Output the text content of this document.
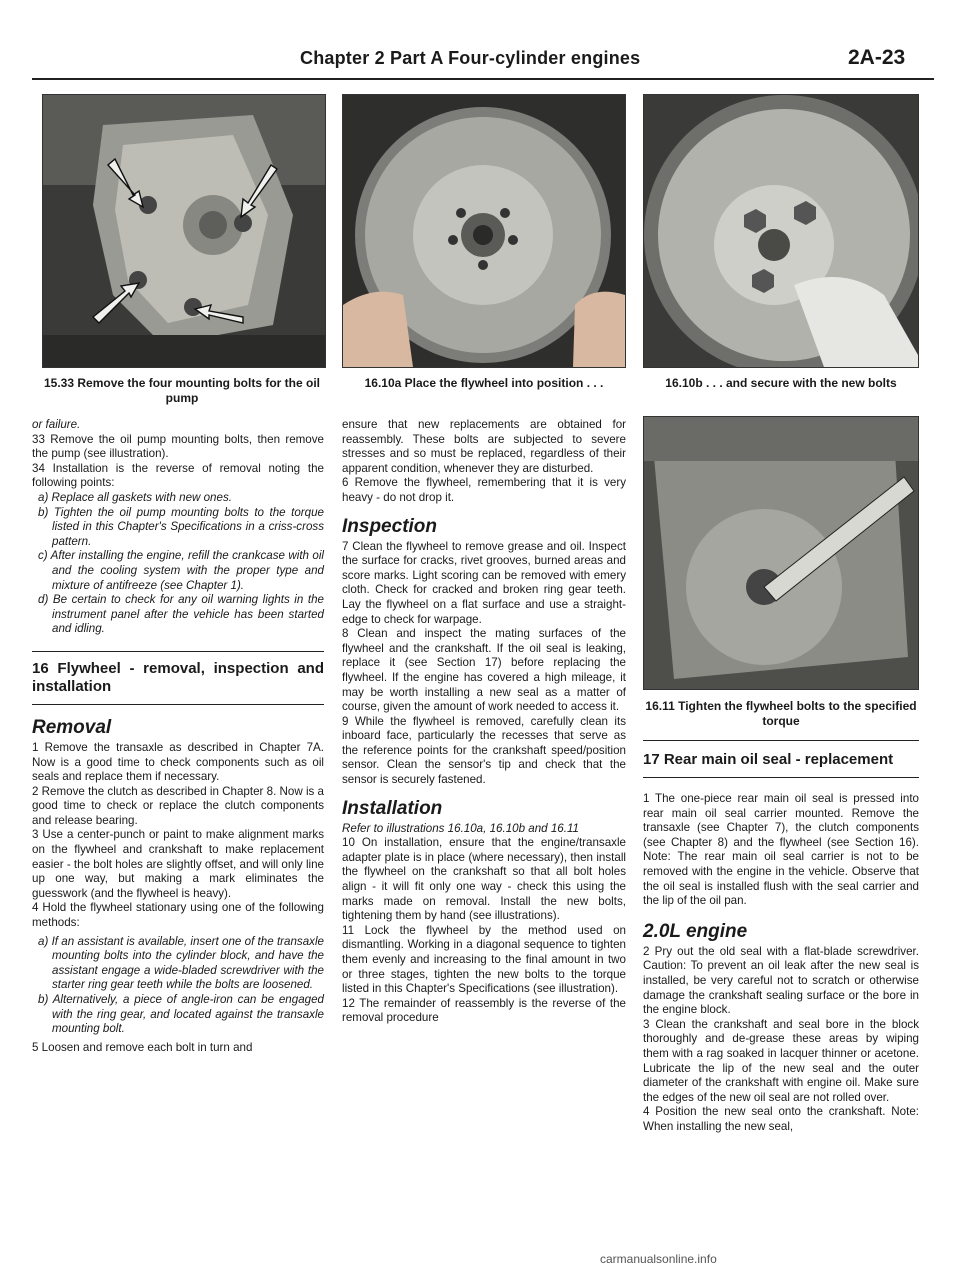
Chapter 2 Part A Four-cylinder engines	2A-23
15.33 Remove the four mounting bolts for the oil pump
16.10a Place the flywheel into position . . .	16.10b . . . and secure with the new bolts
16.11 Tighten the flywheel bolts to the specified torque

or failure.

33 Remove the oil pump mounting bolts, then remove the pump (see illustration).

34 Installation is the reverse of removal noting the following points:

a) Replace all gaskets with new ones.

b) Tighten the oil pump mounting bolts to the torque listed in this Chapter's Specifications in a criss-cross pattern.

c) After installing the engine, refill the crankcase with oil and the cooling system with the proper type and mixture of antifreeze (see Chapter 1).

d) Be certain to check for any oil warning lights in the instrument panel after the vehicle has been started and idling.

16 Flywheel - removal, inspection and installation
Removal

1 Remove the transaxle as described in Chapter 7A. Now is a good time to check components such as oil seals and replace them if necessary.

2 Remove the clutch as described in Chapter 8. Now is a good time to check or replace the clutch components and release bearing.

3 Use a center-punch or paint to make alignment marks on the flywheel and crankshaft to make replacement easier - the bolt holes are slightly offset, and will only line up one way, but making a mark eliminates the guesswork (and the flywheel is heavy).

4 Hold the flywheel stationary using one of the following methods:

a) If an assistant is available, insert one of the transaxle mounting bolts into the cylinder block, and have the assistant engage a wide-bladed screwdriver with the starter ring gear teeth while the bolts are loosened.

b) Alternatively, a piece of angle-iron can be engaged with the ring gear, and located against the transaxle mounting bolt.

5 Loosen and remove each bolt in turn and

ensure that new replacements are obtained for reassembly. These bolts are subjected to severe stresses and so must be replaced, regardless of their apparent condition, whenever they are disturbed.

6 Remove the flywheel, remembering that it is very heavy - do not drop it.

Inspection

7 Clean the flywheel to remove grease and oil. Inspect the surface for cracks, rivet grooves, burned areas and score marks. Light scoring can be removed with emery cloth. Check for cracked and broken ring gear teeth. Lay the flywheel on a flat surface and use a straight-edge to check for warpage.

8 Clean and inspect the mating surfaces of the flywheel and the crankshaft. If the oil seal is leaking, replace it (see Section 17) before replacing the flywheel. If the engine has covered a high mileage, it may be worth installing a new seal as a matter of course, given the amount of work needed to access it.

9 While the flywheel is removed, carefully clean its inboard face, particularly the recesses that serve as the reference points for the crankshaft speed/position sensor. Clean the sensor's tip and check that the sensor is securely fastened.

Installation

Refer to illustrations 16.10a, 16.10b and 16.11

10 On installation, ensure that the engine/transaxle adapter plate is in place (where necessary), then install the flywheel on the crankshaft so that all bolt holes align - it will fit only one way - check this using the marks made on removal. Install the new bolts, tightening them by hand (see illustrations).

11 Lock the flywheel by the method used on dismantling. Working in a diagonal sequence to tighten them evenly and increasing to the final amount in two or three stages, tighten the new bolts to the torque listed in this Chapter's Specifications (see illustration).

12 The remainder of reassembly is the reverse of the removal procedure

17 Rear main oil seal - replacement

1 The one-piece rear main oil seal is pressed into rear main oil seal carrier mounted. Remove the transaxle (see Chapter 7), the clutch components (see Chapter 8) and the flywheel (see Section 16). Note: The rear main oil seal carrier is not to be removed with the engine in the vehicle. Observe that the oil seal is installed flush with the seal carrier and the lip of the oil pan.

2.0L engine

2 Pry out the old seal with a flat-blade screwdriver. Caution: To prevent an oil leak after the new seal is installed, be very careful not to scratch or otherwise damage the crankshaft sealing surface or the bore in the engine block.

3 Clean the crankshaft and seal bore in the block thoroughly and de-grease these areas by wiping them with a rag soaked in lacquer thinner or acetone. Lubricate the lip of the new seal and the outer diameter of the crankshaft with engine oil. Make sure the edges of the new oil seal are not rolled over.

4 Position the new seal onto the crankshaft. Note: When installing the new seal,

carmanualsonline.info
